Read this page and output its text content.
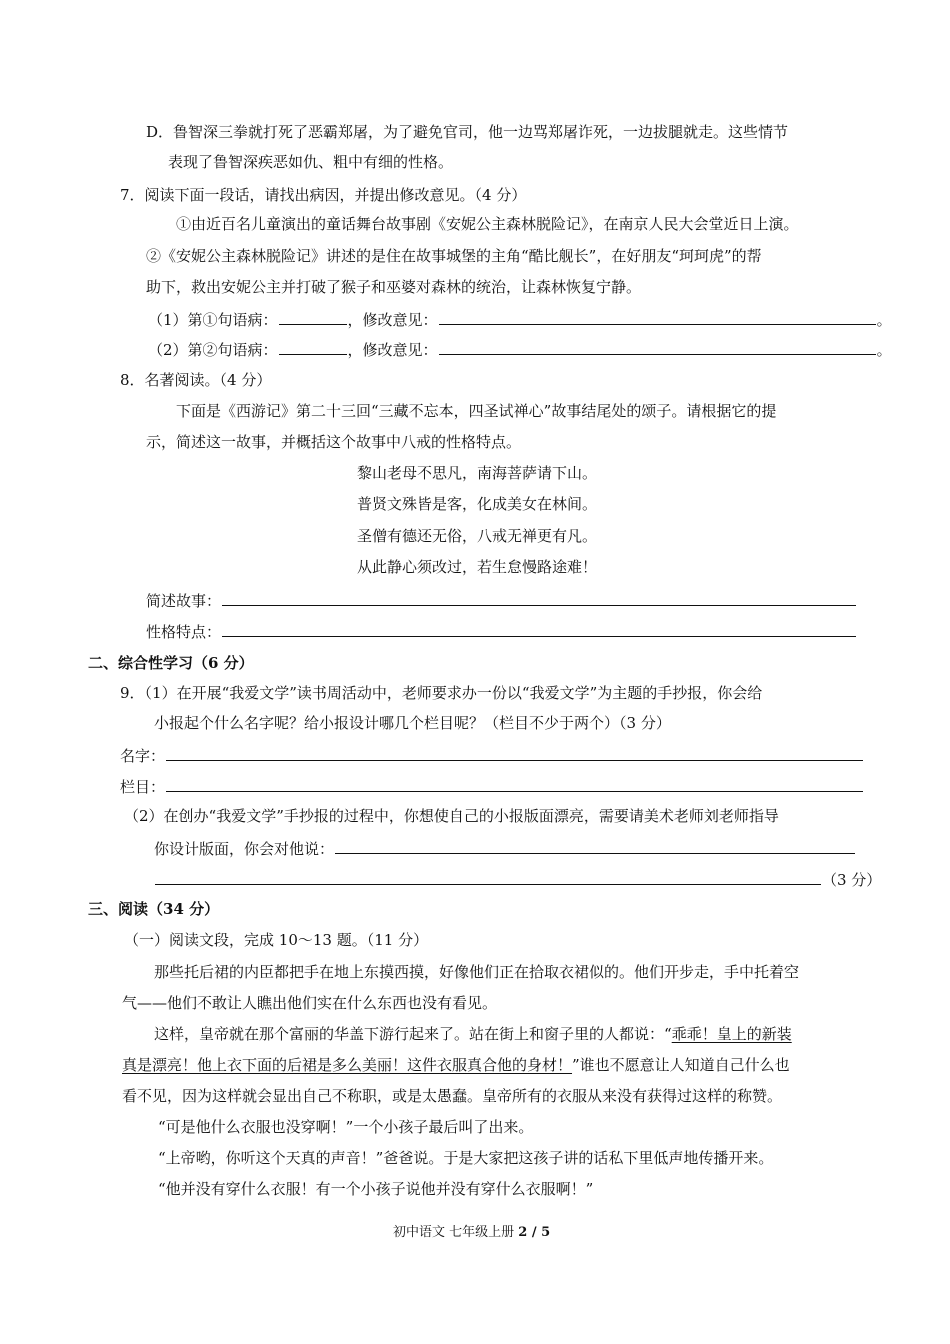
D．鲁智深三拳就打死了恶霸郑屠，为了避免官司，他一边骂郑屠诈死，一边拔腿就走。这些情节
表现了鲁智深疾恶如仇、粗中有细的性格。
7．阅读下面一段话，请找出病因，并提出修改意见。（4 分）
①由近百名儿童演出的童话舞台故事剧《安妮公主森林脱险记》，在南京人民大会堂近日上演。
②《安妮公主森林脱险记》讲述的是住在故事城堡的主角“酷比舰长”，在好朋友“珂珂虎”的帮
助下，救出安妮公主并打破了猴子和巫婆对森林的统治，让森林恢复宁静。
（1）第①句语病：	，修改意见：	。
（2）第②句语病：	，修改意见：	。
8．名著阅读。（4 分）
下面是《西游记》第二十三回“三藏不忘本，四圣试禅心”故事结尾处的颂子。请根据它的提
示，简述这一故事，并概括这个故事中八戒的性格特点。
黎山老母不思凡，南海菩萨请下山。
普贤文殊皆是客，化成美女在林间。
圣僧有德还无俗，八戒无禅更有凡。
从此静心须改过，若生怠慢路途难！
简述故事：
性格特点：
二、综合性学习（6 分）
9．（1）在开展“我爱文学”读书周活动中，老师要求办一份以“我爱文学”为主题的手抄报，你会给
小报起个什么名字呢？给小报设计哪几个栏目呢？（栏目不少于两个）（3 分）
名字：
栏目：
（2）在创办“我爱文学”手抄报的过程中，你想使自己的小报版面漂亮，需要请美术老师刘老师指导
你设计版面，你会对他说：
（3 分）
三、阅读（34 分）
（一）阅读文段，完成 10～13 题。（11 分）
那些托后裙的内臣都把手在地上东摸西摸，好像他们正在拾取衣裙似的。他们开步走，手中托着空
气——他们不敢让人瞧出他们实在什么东西也没有看见。
这样，皇帝就在那个富丽的华盖下游行起来了。站在街上和窗子里的人都说：“乖乖！皇上的新装
真是漂亮！他上衣下面的后裙是多么美丽！这件衣服真合他的身材！”谁也不愿意让人知道自己什么也
看不见，因为这样就会显出自己不称职，或是太愚蠢。皇帝所有的衣服从来没有获得过这样的称赞。
“可是他什么衣服也没穿啊！”一个小孩子最后叫了出来。
“上帝哟，你听这个天真的声音！”爸爸说。于是大家把这孩子讲的话私下里低声地传播开来。
“他并没有穿什么衣服！有一个小孩子说他并没有穿什么衣服啊！”
初中语文 七年级上册 2 / 5
